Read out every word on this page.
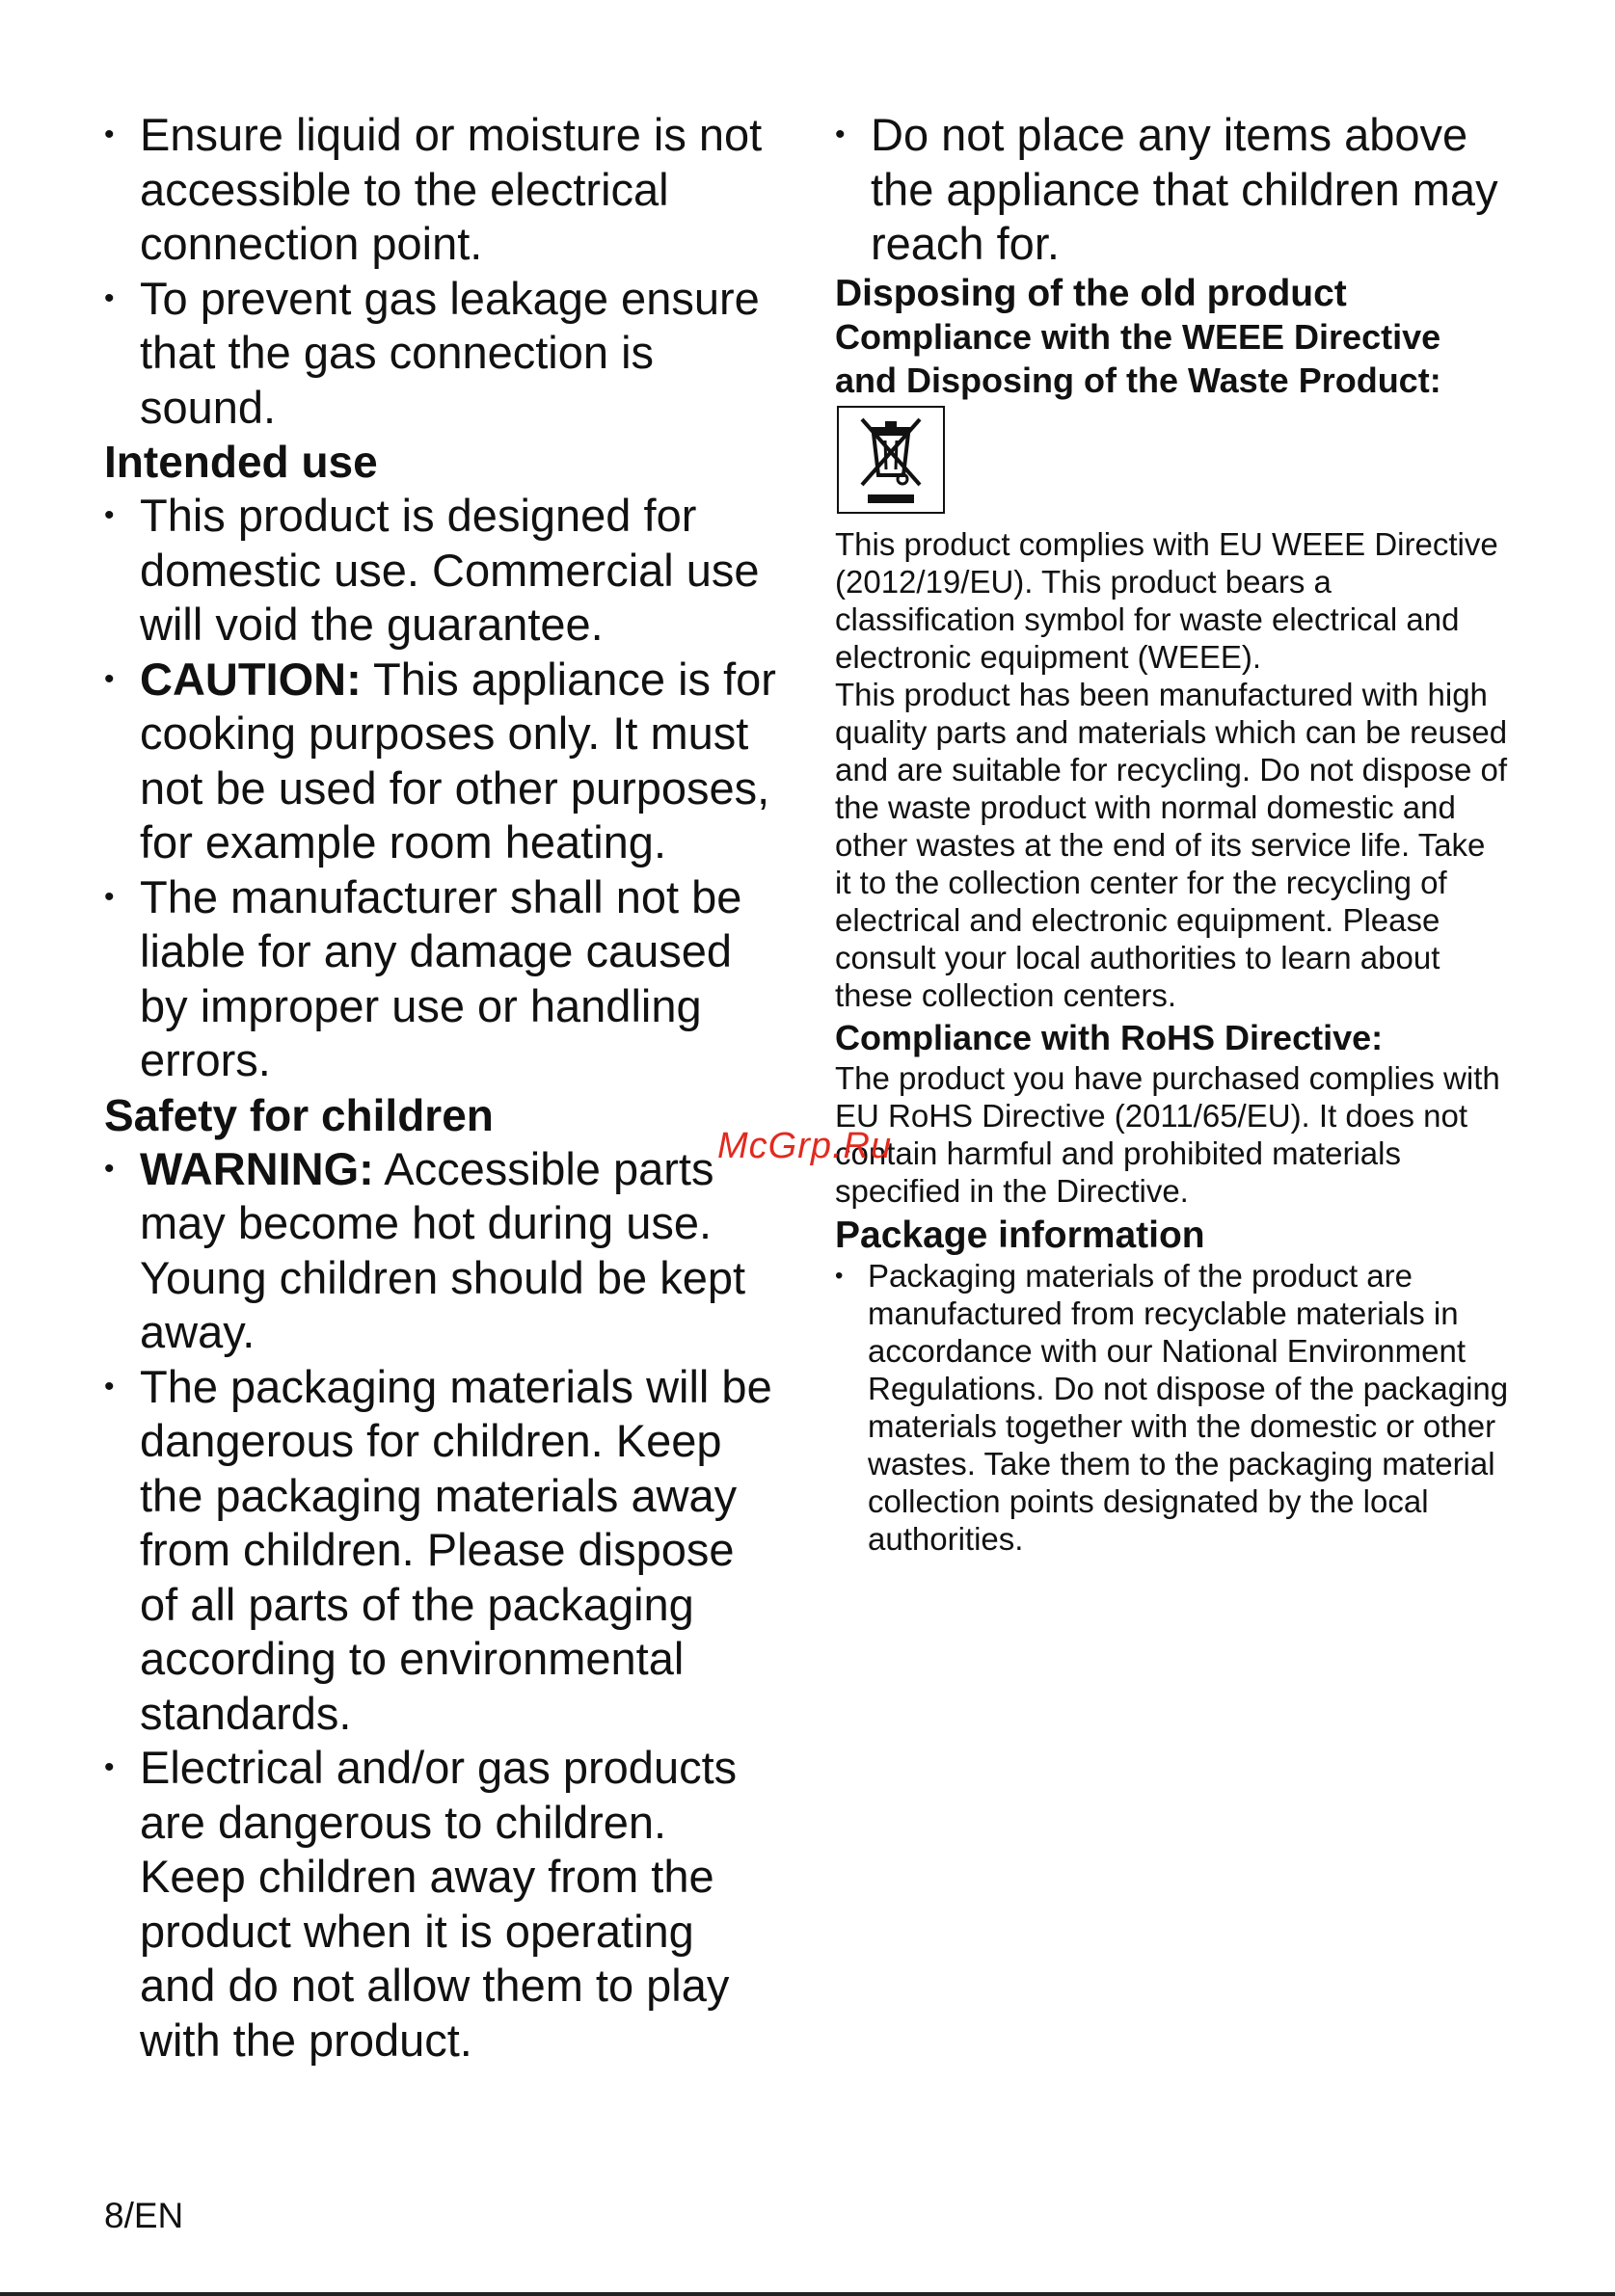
• Ensure liquid or moisture is not accessible to the electrical connection point.
• To prevent gas leakage ensure that the gas connection is sound.
Intended use
• This product is designed for domestic use. Commercial use will void the guarantee.
• CAUTION: This appliance is for cooking purposes only. It must not be used for other purposes, for example room heating.
• The manufacturer shall not be liable for any damage caused by improper use or handling errors.
Safety for children
• WARNING: Accessible parts may become hot during use. Young children should be kept away.
• The packaging materials will be dangerous for children. Keep the packaging materials away from children. Please dispose of all parts of the packaging according to environmental standards.
• Electrical and/or gas products are dangerous to children. Keep children away from the product when it is operating and do not allow them to play with the product.
• Do not place any items above the appliance that children may reach for.
Disposing of the old product
Compliance with the WEEE Directive and Disposing of the Waste Product:

This product complies with EU WEEE Directive (2012/19/EU). This product bears a classification symbol for waste electrical and electronic equipment (WEEE).

This product has been manufactured with high quality parts and materials which can be reused and are suitable for recycling. Do not dispose of the waste product with normal domestic and other wastes at the end of its service life. Take it to the collection center for the recycling of electrical and electronic equipment. Please consult your local authorities to learn about these collection centers.

Compliance with RoHS Directive:

The product you have purchased complies with EU RoHS Directive (2011/65/EU). It does not contain harmful and prohibited materials specified in the Directive.

Package information
• Packaging materials of the product are manufactured from recyclable materials in accordance with our National Environment Regulations. Do not dispose of the packaging materials together with the domestic or other wastes. Take them to the packaging material collection points designated by the local authorities.
McGrp.Ru
8/EN
